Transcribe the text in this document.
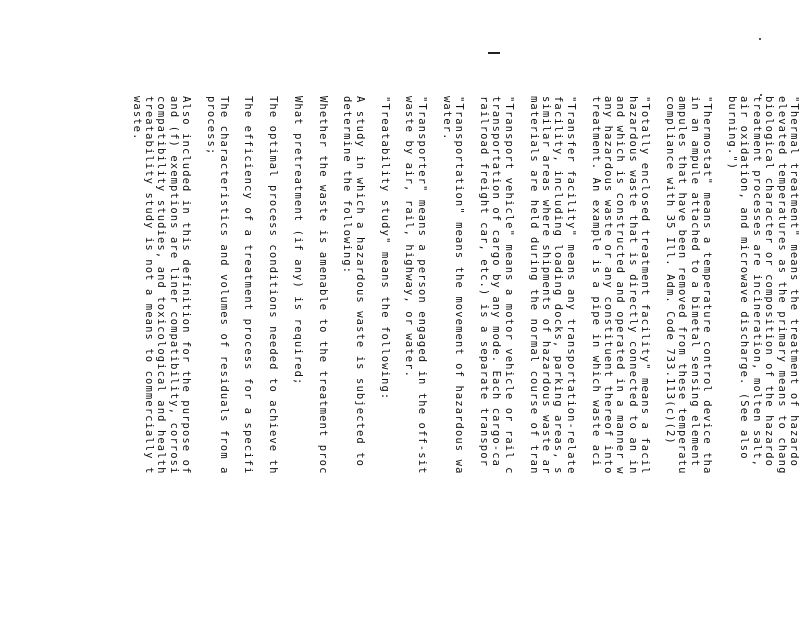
"Thermal treatment" means the treatment of hazardo
elevated temperatures as the primary means to chang
biological character or composition of the hazardo
treatment processes are incineration, molten salt,
air oxidation, and microwave discharge. (See also
burning.")
"Thermostat" means a temperature control device tha
in an ampule attached to a bimetal sensing element
ampules that have been removed from these temperatu
compliance with 35 Ill. Adm. Code 733.113(c)(2)
"Totally enclosed treatment facility" means a facil
hazardous waste that is directly connected to an in
and which is constructed and operated in a manner w
any hazardous waste or any constituent thereof into
treatment. An example is a pipe in which waste aci
"Transfer facility" means any transportation-relate
facility, including loading docks, parking areas, s
similar areas where shipments of hazardous waste ar
materials are held during the normal course of tran
"Transport vehicle" means a motor vehicle or rail c
transportation of cargo by any mode. Each cargo-ca
railroad freight car, etc.) is a separate transpor
"Transportation" means the movement of hazardous wa
water.
"Transporter" means a person engaged in the off-sit
waste by air, rail, highway, or water.
"Treatability study" means the following:
A study in which a hazardous waste is subjected to
determine the following:
Whether the waste is amenable to the treatment proc
What pretreatment (if any) is required;
The optimal process conditions needed to achieve th
The efficiency of a treatment process for a specifi
The characteristics and volumes of residuals from a
process;
Also included in this definition for the purpose of
and (f) exemptions are liner compatibility, corrosi
compatibility studies, and toxicological and health
treatability study is not a means to commercially t
waste.
